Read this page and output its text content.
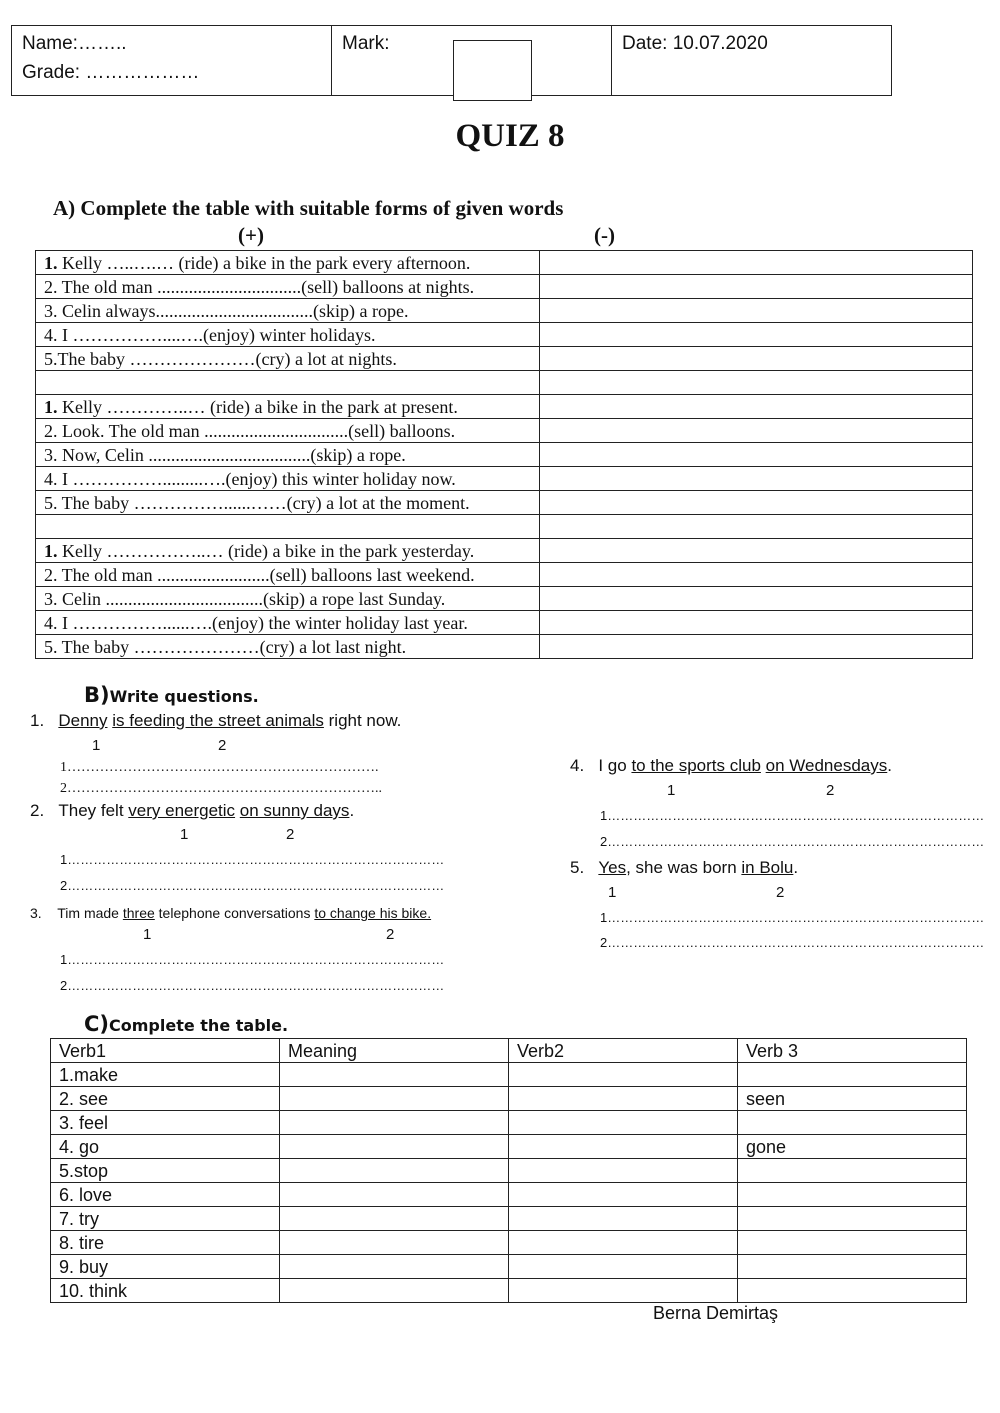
Name:……..
Grade: ………………
Mark:	Date: 10.07.2020
QUIZ 8
A) Complete the table with suitable forms of given words
(+)	(-)
1. Kelly …..….… (ride) a bike in the park every afternoon.	
2. The old man ................................(sell) balloons at nights.	
3. Celin always...................................(skip) a rope.	
4. I ……………....….(enjoy) winter holidays.	
5.The baby …………………(cry) a lot at nights.	

1. Kelly …………..… (ride) a bike in the park at present.	
2. Look. The old man ................................(sell) balloons.	
3. Now, Celin ....................................(skip) a rope.	
4. I …………….........….(enjoy) this winter holiday now.	
5. The baby ……………......……(cry) a lot at the moment.	

1. Kelly ……………..… (ride) a bike in the park yesterday.	
2. The old man .........................(sell) balloons last weekend.	
3. Celin ...................................(skip) a rope last Sunday.	
4. I ……………......….(enjoy) the winter holiday last year.	
5. The baby …………………(cry) a lot last night.	
B)Write questions.
1. Denny is feeding the street animals right now.
1	2
1………………………………………………………….
2…………………………………………………………..
2. They felt very energetic on sunny days.
1	2
1……………………………………………………………………………
2……………………………………………………………………………
3. Tim made three telephone conversations to change his bike.
1	2
1……………………………………………………………………………
2……………………………………………………………………………
4. I go to the sports club on Wednesdays.
1	2
1……………………………………………………………………………
2……………………………………………………………………………
5. Yes, she was born in Bolu.
1	2
1……………………………………………………………………………
2……………………………………………………………………………
C)Complete the table.
Verb1	Meaning	Verb2	Verb 3
1.make			
2. see			seen
3. feel			
4. go			gone
5.stop			
6. love			
7. try			
8. tire			
9. buy			
10. think			
Berna Demirtaş
